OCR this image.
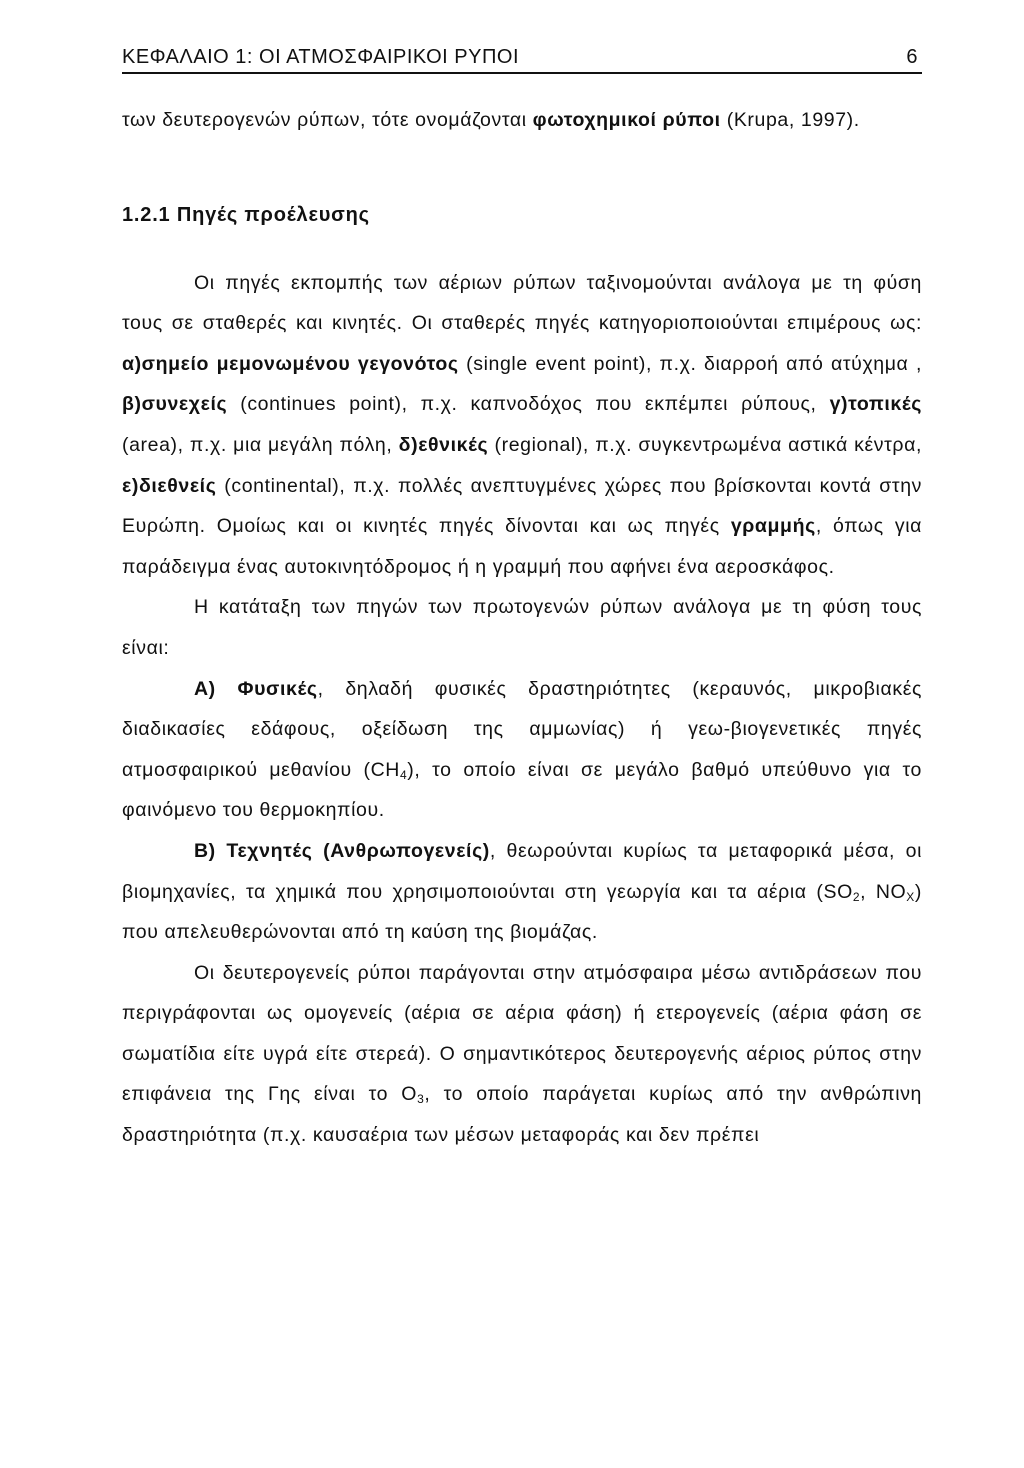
ΚΕΦΑΛΑΙΟ 1: ΟΙ ΑΤΜΟΣΦΑΙΡΙΚΟΙ ΡΥΠΟΙ	6

των δευτερογενών ρύπων, τότε ονομάζονται φωτοχημικοί ρύποι (Krupa, 1997).

1.2.1 Πηγές προέλευσης

Οι πηγές εκπομπής των αέριων ρύπων ταξινομούνται ανάλογα με τη φύση τους σε σταθερές και κινητές. Οι σταθερές πηγές κατηγοριοποιούνται επιμέρους ως: α)σημείο μεμονωμένου γεγονότος (single event point), π.χ. διαρροή από ατύχημα , β)συνεχείς (continues point), π.χ. καπνοδόχος που εκπέμπει ρύπους, γ)τοπικές (area), π.χ. μια μεγάλη πόλη, δ)εθνικές (regional), π.χ. συγκεντρωμένα αστικά κέντρα, ε)διεθνείς (continental), π.χ. πολλές ανεπτυγμένες χώρες που βρίσκονται κοντά στην Ευρώπη. Ομοίως και οι κινητές πηγές δίνονται και ως πηγές γραμμής, όπως για παράδειγμα ένας αυτοκινητόδρομος ή η γραμμή που αφήνει ένα αεροσκάφος.

Η κατάταξη των πηγών των πρωτογενών ρύπων ανάλογα με τη φύση τους είναι:

Α) Φυσικές, δηλαδή φυσικές δραστηριότητες (κεραυνός, μικροβιακές διαδικασίες εδάφους, οξείδωση της αμμωνίας) ή γεω-βιογενετικές πηγές ατμοσφαιρικού μεθανίου $(CH_4)$, το οποίο είναι σε μεγάλο βαθμό υπεύθυνο για το φαινόμενο του θερμοκηπίου.

Β) Τεχνητές (Ανθρωπογενείς), θεωρούνται κυρίως τα μεταφορικά μέσα, οι βιομηχανίες, τα χημικά που χρησιμοποιούνται στη γεωργία και τα αέρια ($SO_2$, $NO_X$) που απελευθερώνονται από τη καύση της βιομάζας.

Οι δευτερογενείς ρύποι παράγονται στην ατμόσφαιρα μέσω αντιδράσεων που περιγράφονται ως ομογενείς (αέρια σε αέρια φάση) ή ετερογενείς (αέρια φάση σε σωματίδια είτε υγρά είτε στερεά). Ο σημαντικότερος δευτερογενής αέριος ρύπος στην επιφάνεια της Γης είναι το $O_3$, το οποίο παράγεται κυρίως από την ανθρώπινη δραστηριότητα (π.χ. καυσαέρια των μέσων μεταφοράς και δεν πρέπει
